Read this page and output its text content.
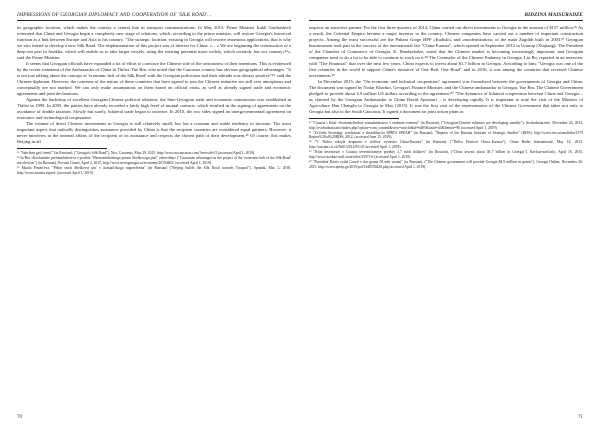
IMPRESSIONS OF GEORGIAN DIPLOMACY AND COOPERATION OF 'SILK ROAD'…

its geographic location, which makes the country a central link in transport communications. In May 2015, Prime Minister Irakli Garibashvili reiterated that China and Georgia begin a completely new stage of relations, which, according to the prime minister, will restore Georgia's historical function as a link between Europe and Asia to his country. "The strategic location, existing in Georgia will receive enormous applications, that is why we also intend to develop a new Silk Road. The implementation of this project was of interest for China. «…» We are beginning the construction of a deep-sea port in Anaklia, which will enable us to take larger vessels, using the existing potential more widely, which certainly has our country»³³», said the Prime Minister.

It seems that Georgian officials have expanded a lot of effort to convince the Chinese side of the seriousness of their intentions. This is evidenced by the recent statement of the Ambassador of China in Tbilisi, Yue Bin, who noted that the Caucasus country has obvious geographical advantages. "It is not just talking about the concept of 'economic belt of the Silk Road' with the Georgian politicians and their attitude was always positive"³⁴, said the Chinese diplomat. However, the concerns of the nature of these countries that have agreed to join the Chinese initiative are still very amorphous and conceptually are not marked. We can only make assumptions on them based on official visits, as well as already signed trade and economic agreements and joint declarations.

Against the backdrop of excellent Georgian-Chinese political relations, the Sino-Georgian trade and economic commission was established in Tbilisi in 1999. In 2005, the parties have already recorded a fairly high level of mutual contacts, which resulted in the signing of agreements on the avoidance of double taxation. Slowly but surely, bilateral trade began to increase. In 2010, the two sides signed an intergovernmental agreement on economic and technological cooperation.

The volume of direct Chinese investments in Georgia is still relatively small, but has a constant and stable tendency to increase. The most important aspect that radically distinguishes assistance provided by China is that the recipient countries are considered equal partners. However, it never interferes in the internal affairs of the recipient of its assistance and respects the chosen path of their development.³⁵ Of course, this makes Beijing in all

³³ "Sabchota gzit' tsenit'" (in Russian), ("Georgia's Silk Road"), Nov. Caucasus, May 29, 2015, http://www.nocaucasus.com/?newsid=15 (accessed April 1, 2019).

³⁴ Iu-Bin «Kavkazskie preimushchestva v proekte "Ekonomicheskogo poiasa Shelkovogo puti" ochevidny» ("Caucasian advantages in the project of the 'economic belt of the Silk Road' are obvious") (in Russian), Novosti Gruzii, April 2, 2015, http://www.newsgeorgia.ru/economy/20150402/ (accessed April 1, 2019).

³⁵ Mariia Pimen'eva, "Pekin stroit Shelkovyi put' v tiraspol'skogo napravleniia" (in Russian) ("Beijing builds the Silk Road towards Tiraspol"), Sputnik, Mar. 2, 2018, http://www.eurasia.expert/ (accessed April 1, 2019).

70
BIDZINA MAISURADZE

respects an attractive partner. For the first three quarters of 2014, China carried out direct investments to Georgia in the amount of $157 million.³⁶ As a result, the Celestial Empire became a major investor in the country. Chinese companies have carried out a number of important construction projects. Among the most successful are the Paliani Gorge HPP «Kadiski» and «modernization» of the main Zugdidi built in 2003.³⁷ Georgian businessmen took part in the success of the international fair "China-Eurasia", which opened in September 2012 in Urumqi (Xinjiang). The President of the Chamber of Commerce of Georgia, K. Bandzeladze, noted that the Chinese market is becoming increasingly important, and Georgian companies need to do a lot to be able to continue to work on it.³⁸ The Counselor of the Chinese Embassy in Georgia, Liu Bo, reported in an interview with "The Financial" that over the next few years, China expects to invest about $1.7 billion in Georgia. According to him, "Georgia was one of the first countries in the world to support China's initiative of One Belt, One Road" and in 2016, it was among the countries that received Chinese investments.³⁹

In December 2015, the "On economic and technical cooperation" agreement was formalized between the governments of Georgia and China. The document was signed by Nodar Khaduri, Georgia's Finance Minister, and the Chinese ambassador to Georgia, Yue Bin. The Chinese Government pledged to provide about 4.9 million US dollars according to the agreement.⁴⁰ "The dynamics of bilateral cooperation between China and Georgia – as claimed by the Georgian Ambassador to China David Aptsiauri – is developing rapidly. It is important to note the visit of the Minister of Agriculture Han Changfu to Georgia in May [2015]. It was the first visit of the representative of the Chinese Government that takes not only to Georgia but also to the South Caucasus. It signed a document on joint action plans in

³⁶ "Gruziia i Kitai: ekonomicheskoe sotrudnichestvo v realnom vremeni" (in Russian), ("Georgian-Chinese relations are developing steadily"), Svobodnaia.info, December 24, 2014, http://svobodnaia.info/index.php?option=com_content&view=article&id=6485&catid=43&Itemid=96 (accessed April 1, 2019).

³⁷ "Zvi'adia Sozrelagy vreshchast' e shenifikaciia SPRTS SPEAH" (in Russian), "Reports of the Russian Institute of Strategic Studies" (RISS), http://www.riss.ru/analitika/1579 Report%20of%20RISS, 2012, (accessed June 15, 2019).

³⁸ "V Tbilisi otkryla krupnaia v stolitse vystavka China-Eurasia" (in Russian), ("Tbilisi Festival China–Eurasia"), China Radio International, May 18, 2012, http://russian.cri.cn/3601/2012/05/18 (accessed April 1, 2019).

³⁹ "Kitai investiruet v Gruziiu investitsionnye proekty 1,7 mlrd dollarov" (in Russian), ("China invests about $1.7 billion in Georgia"), Kavkaz-uzel.info, April 16, 2015, http://www.kavkaz-uzel.eu/articles/259716/ (accessed April 1, 2019).

⁴⁰ "Prezident Kitaia vydal Gruzii v dar granta 50 mln yuanei" (in Russian), ("The Chinese government will provide Georgia $4.9 million in grants"), Georgia Online, November 26, 2015, http://www.apsny.ge/2015/pol/1448556420.php (accessed April 1, 2019).

71
